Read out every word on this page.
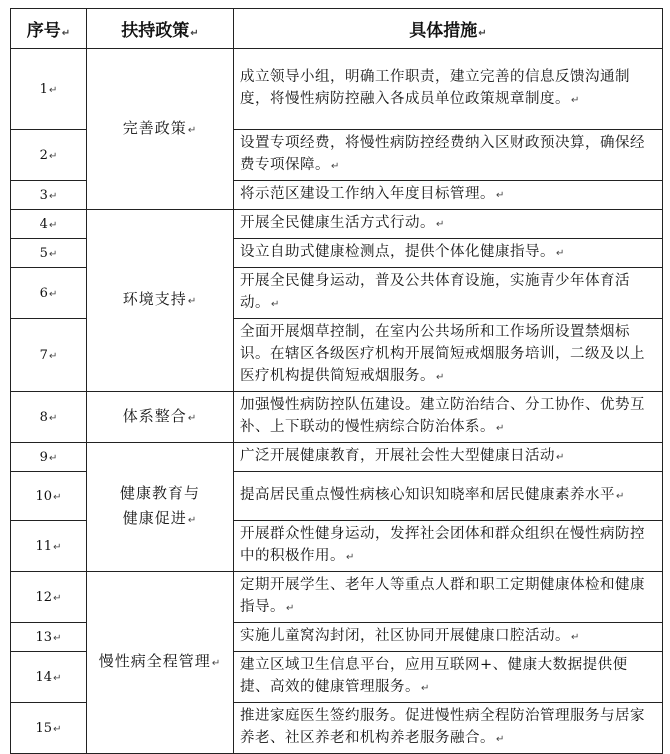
序号↵	扶持政策↵	具体措施↵
1↵	完善政策↵	成立领导小组，明确工作职责，建立完善的信息反馈沟通制度，将慢性病防控融入各成员单位政策规章制度。↵
2↵		设置专项经费，将慢性病防控经费纳入区财政预决算，确保经费专项保障。↵
3↵		将示范区建设工作纳入年度目标管理。↵
4↵	环境支持↵	开展全民健康生活方式行动。↵
5↵		设立自助式健康检测点，提供个体化健康指导。↵
6↵		开展全民健身运动，普及公共体育设施，实施青少年体育活动。↵
7↵		全面开展烟草控制，在室内公共场所和工作场所设置禁烟标识。在辖区各级医疗机构开展简短戒烟服务培训，二级及以上医疗机构提供简短戒烟服务。↵
8↵	体系整合↵	加强慢性病防控队伍建设。建立防治结合、分工协作、优势互补、上下联动的慢性病综合防治体系。↵
9↵	健康教育与
健康促进↵	广泛开展健康教育，开展社会性大型健康日活动↵
10↵		提高居民重点慢性病核心知识知晓率和居民健康素养水平↵
11↵		开展群众性健身运动，发挥社会团体和群众组织在慢性病防控中的积极作用。↵
12↵	慢性病全程管理↵	定期开展学生、老年人等重点人群和职工定期健康体检和健康指导。↵
13↵		实施儿童窝沟封闭，社区协同开展健康口腔活动。↵
14↵		建立区域卫生信息平台，应用互联网+、健康大数据提供便捷、高效的健康管理服务。↵
15↵		推进家庭医生签约服务。促进慢性病全程防治管理服务与居家养老、社区养老和机构养老服务融合。↵
